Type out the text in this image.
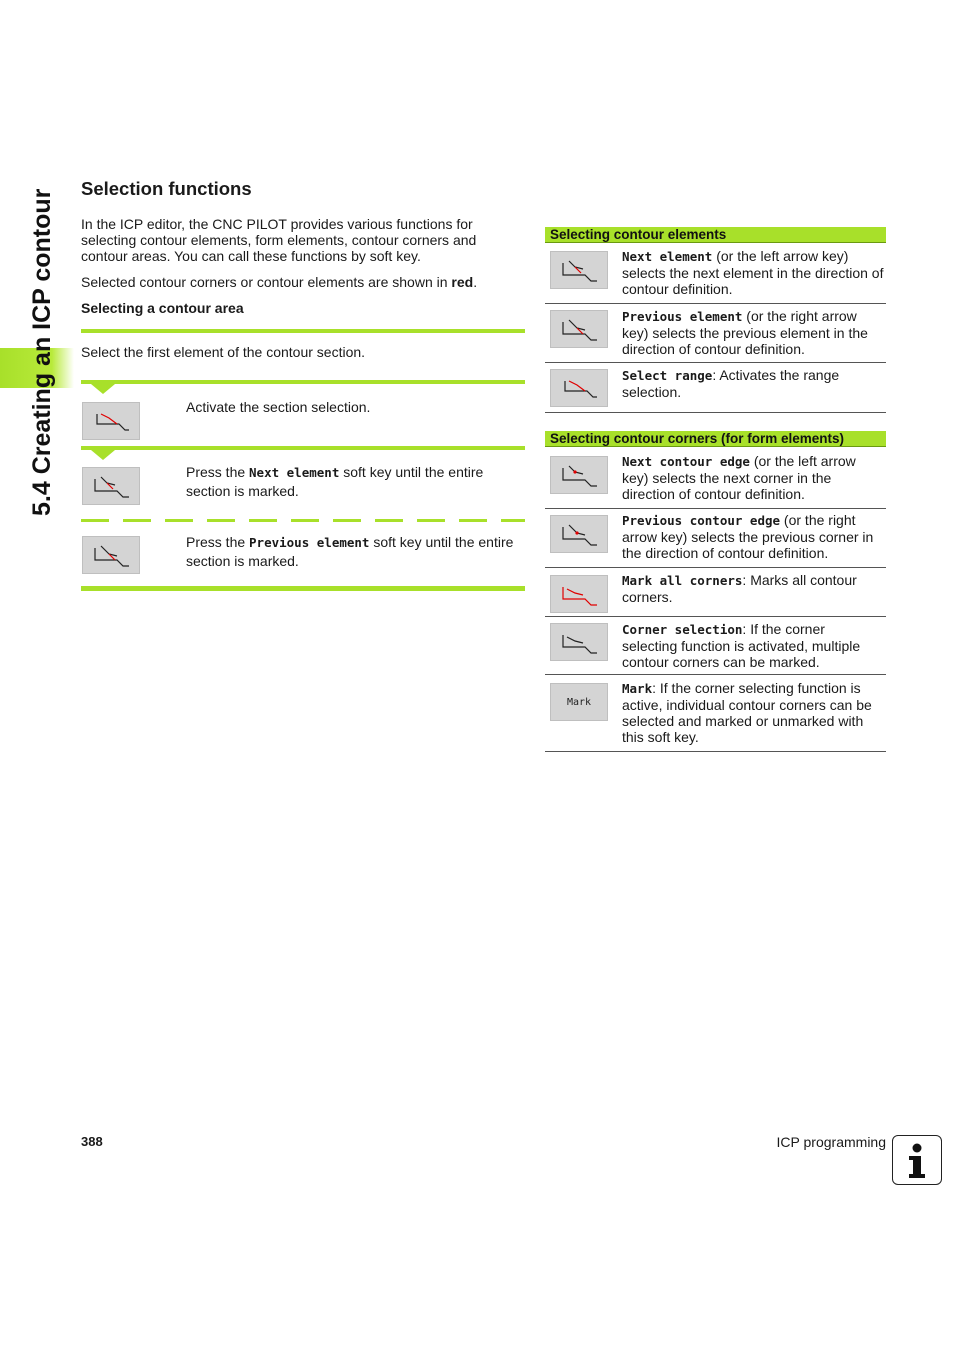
5.4 Creating an ICP contour
Selection functions
In the ICP editor, the CNC PILOT provides various functions for selecting contour elements, form elements, contour corners and contour areas. You can call these functions by soft key.
Selected contour corners or contour elements are shown in red.
Selecting a contour area
Select the first element of the contour section.
Activate the section selection.
Press the Next element soft key until the entire section is marked.
Press the Previous element soft key until the entire section is marked.
Selecting contour elements
Next element (or the left arrow key) selects the next element in the direction of contour definition.
Previous element (or the right arrow key) selects the previous element in the direction of contour definition.
Select range: Activates the range selection.
Selecting contour corners (for form elements)
Next contour edge (or the left arrow key) selects the next corner in the direction of contour definition.
Previous contour edge (or the right arrow key) selects the previous corner in the direction of contour definition.
Mark all corners: Marks all contour corners.
Corner selection: If the corner selecting function is activated, multiple contour corners can be marked.
Mark
Mark: If the corner selecting function is active, individual contour corners can be selected and marked or unmarked with this soft key.
388	ICP programming
